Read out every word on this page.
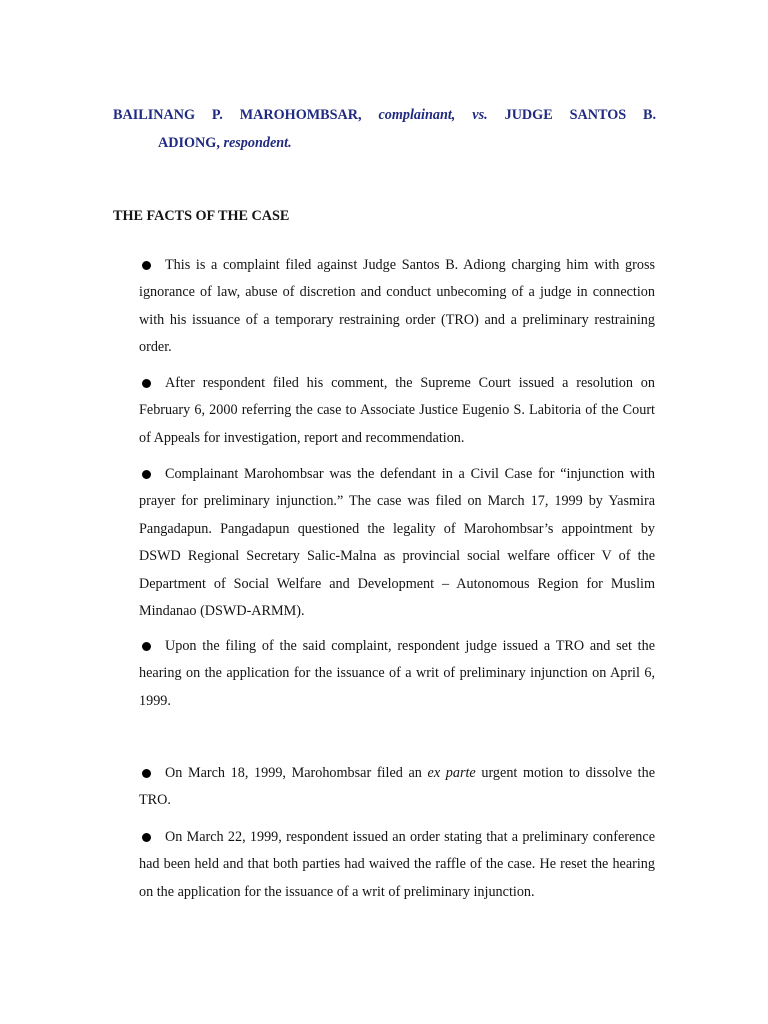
BAILINANG P. MAROHOMBSAR, complainant, vs. JUDGE SANTOS B.
ADIONG, respondent.
THE FACTS OF THE CASE
This is a complaint filed against Judge Santos B. Adiong charging him with gross ignorance of law, abuse of discretion and conduct unbecoming of a judge in connection with his issuance of a temporary restraining order (TRO) and a preliminary restraining order.
After respondent filed his comment, the Supreme Court issued a resolution on February 6, 2000 referring the case to Associate Justice Eugenio S. Labitoria of the Court of Appeals for investigation, report and recommendation.
Complainant Marohombsar was the defendant in a Civil Case for “injunction with prayer for preliminary injunction.” The case was filed on March 17, 1999 by Yasmira Pangadapun. Pangadapun questioned the legality of Marohombsar’s appointment by DSWD Regional Secretary Salic-Malna as provincial social welfare officer V of the Department of Social Welfare and Development – Autonomous Region for Muslim Mindanao (DSWD-ARMM).
Upon the filing of the said complaint, respondent judge issued a TRO and set the hearing on the application for the issuance of a writ of preliminary injunction on April 6, 1999.
On March 18, 1999, Marohombsar filed an ex parte urgent motion to dissolve the TRO.
On March 22, 1999, respondent issued an order stating that a preliminary conference had been held and that both parties had waived the raffle of the case. He reset the hearing on the application for the issuance of a writ of preliminary injunction.
